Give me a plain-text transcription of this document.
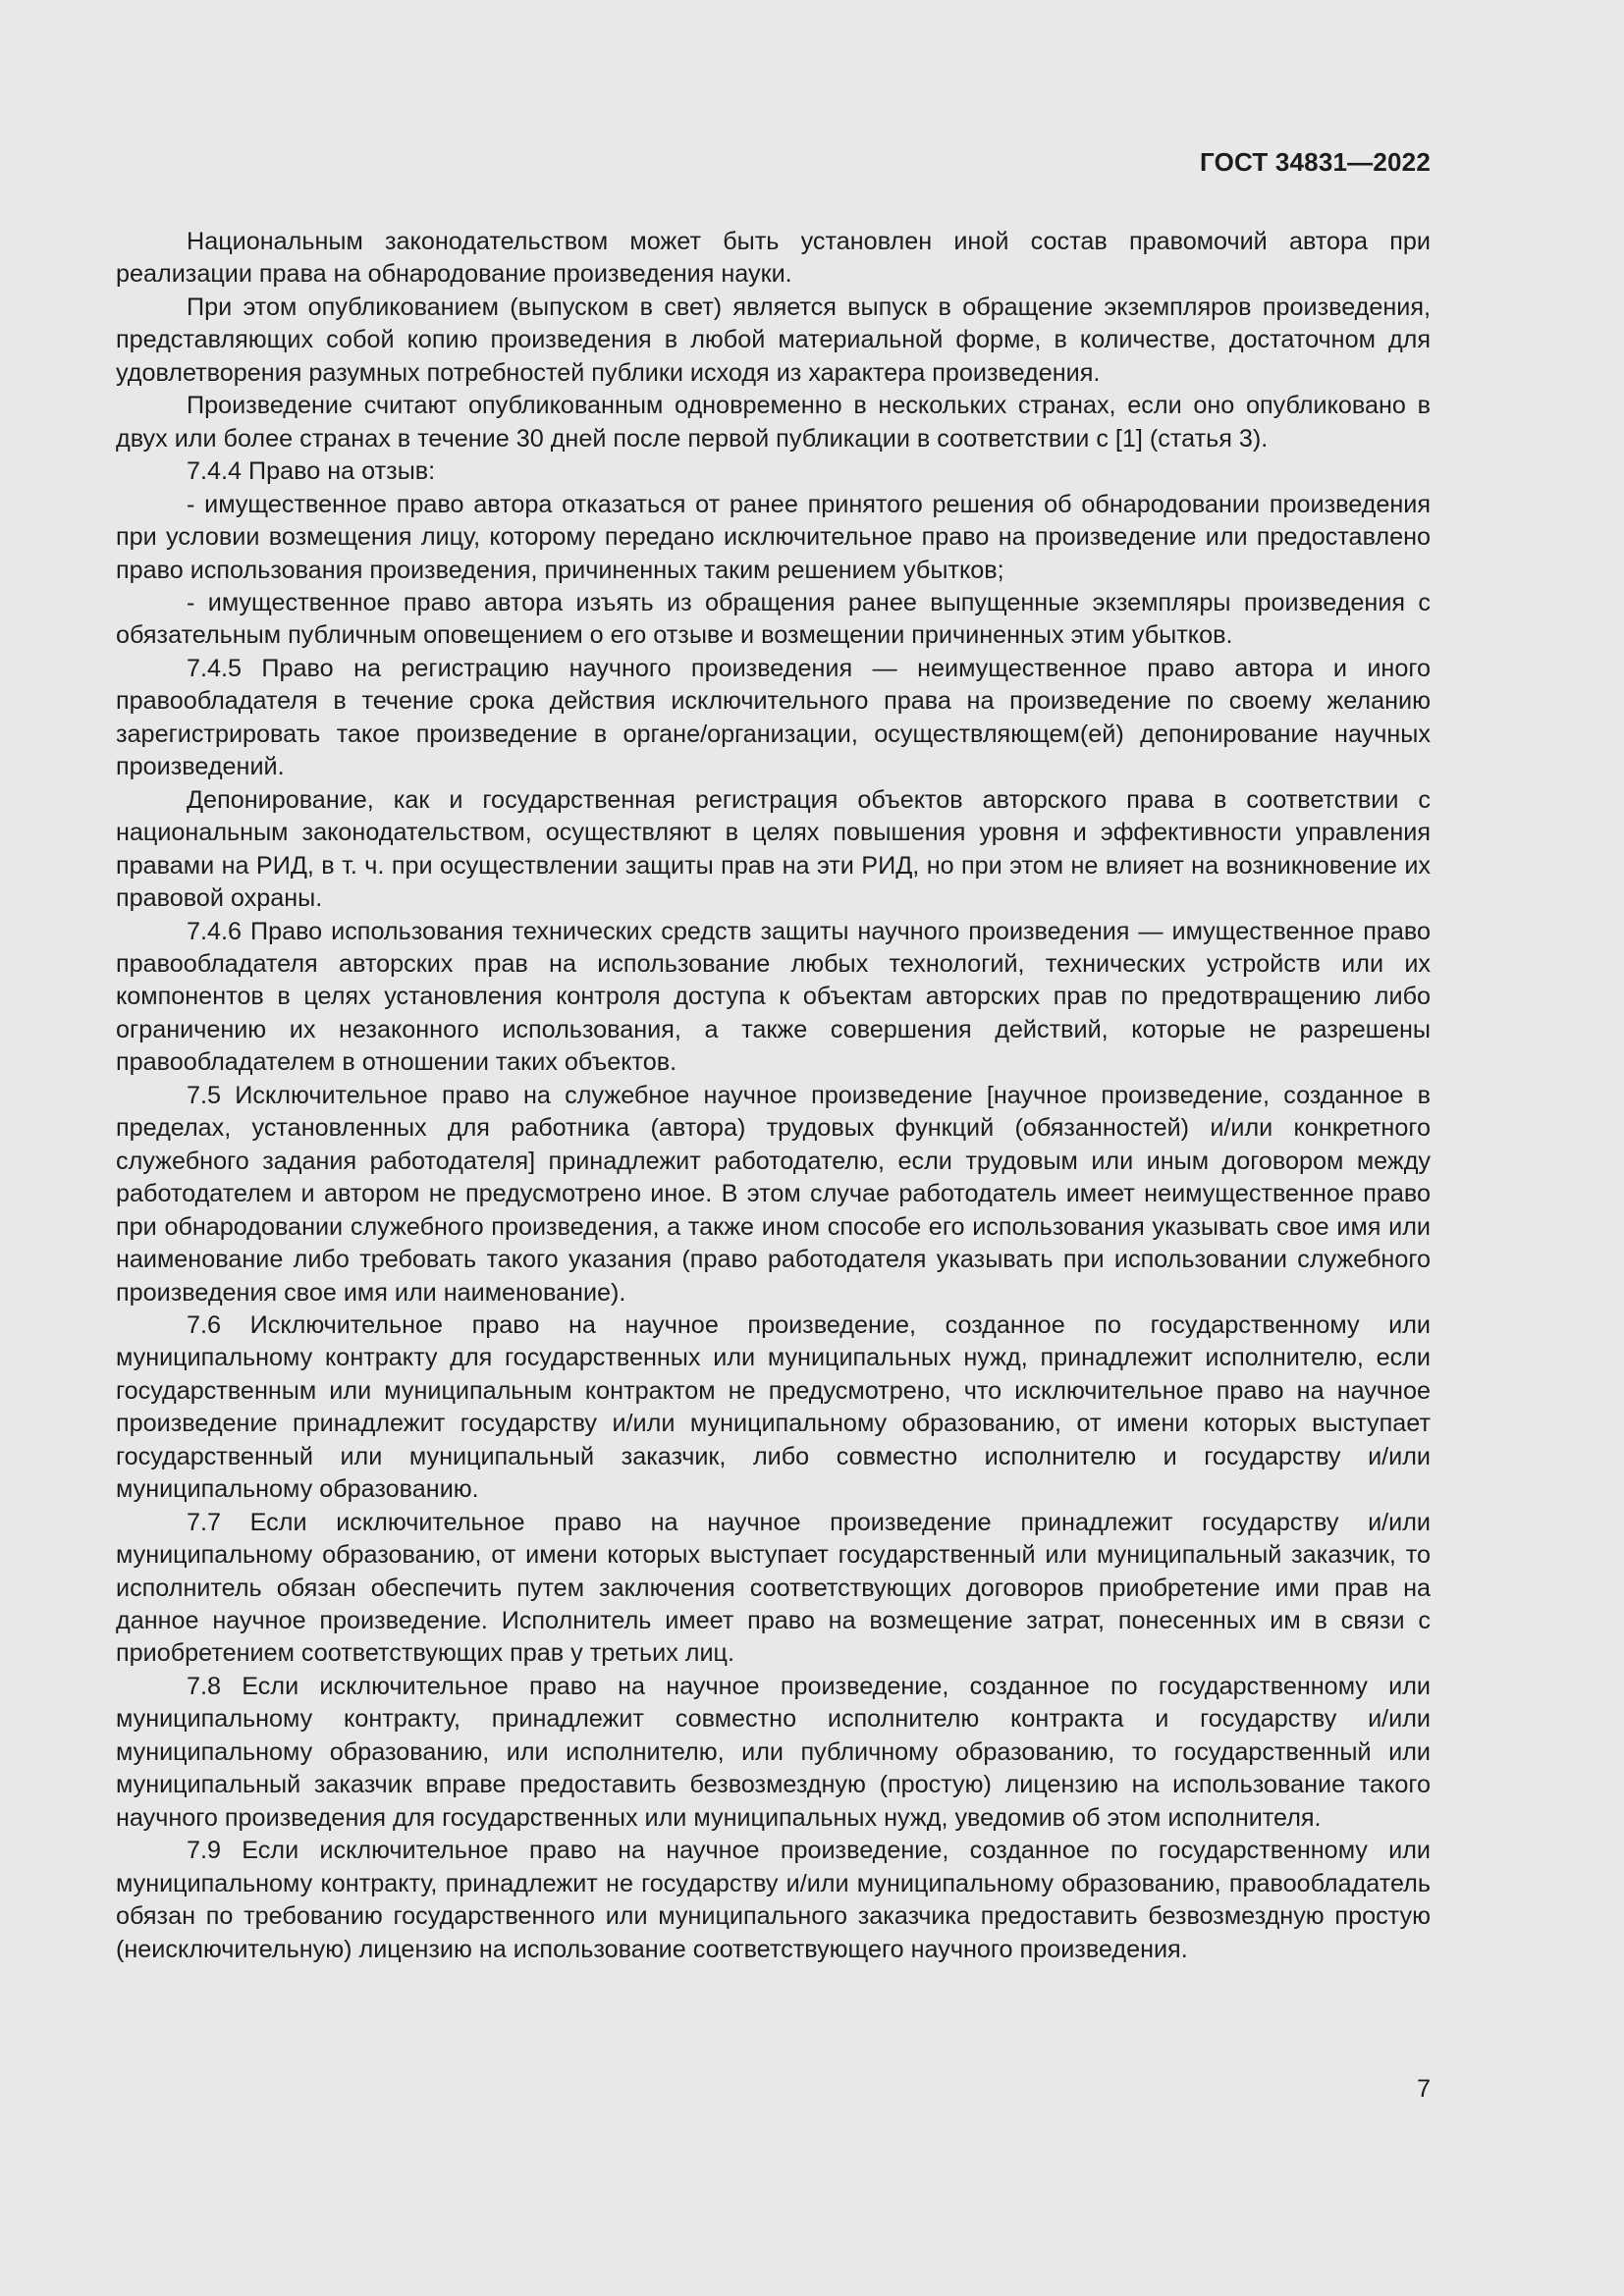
ГОСТ 34831—2022

Национальным законодательством может быть установлен иной состав правомочий автора при реализации права на обнародование произведения науки.

При этом опубликованием (выпуском в свет) является выпуск в обращение экземпляров произведения, представляющих собой копию произведения в любой материальной форме, в количестве, достаточном для удовлетворения разумных потребностей публики исходя из характера произведения.

Произведение считают опубликованным одновременно в нескольких странах, если оно опубликовано в двух или более странах в течение 30 дней после первой публикации в соответствии с [1] (статья 3).

7.4.4 Право на отзыв:

- имущественное право автора отказаться от ранее принятого решения об обнародовании произведения при условии возмещения лицу, которому передано исключительное право на произведение или предоставлено право использования произведения, причиненных таким решением убытков;

- имущественное право автора изъять из обращения ранее выпущенные экземпляры произведения с обязательным публичным оповещением о его отзыве и возмещении причиненных этим убытков.

7.4.5 Право на регистрацию научного произведения — неимущественное право автора и иного правообладателя в течение срока действия исключительного права на произведение по своему желанию зарегистрировать такое произведение в органе/организации, осуществляющем(ей) депонирование научных произведений.

Депонирование, как и государственная регистрация объектов авторского права в соответствии с национальным законодательством, осуществляют в целях повышения уровня и эффективности управления правами на РИД, в т. ч. при осуществлении защиты прав на эти РИД, но при этом не влияет на возникновение их правовой охраны.

7.4.6 Право использования технических средств защиты научного произведения — имущественное право правообладателя авторских прав на использование любых технологий, технических устройств или их компонентов в целях установления контроля доступа к объектам авторских прав по предотвращению либо ограничению их незаконного использования, а также совершения действий, которые не разрешены правообладателем в отношении таких объектов.

7.5 Исключительное право на служебное научное произведение [научное произведение, созданное в пределах, установленных для работника (автора) трудовых функций (обязанностей) и/или конкретного служебного задания работодателя] принадлежит работодателю, если трудовым или иным договором между работодателем и автором не предусмотрено иное. В этом случае работодатель имеет неимущественное право при обнародовании служебного произведения, а также ином способе его использования указывать свое имя или наименование либо требовать такого указания (право работодателя указывать при использовании служебного произведения свое имя или наименование).

7.6 Исключительное право на научное произведение, созданное по государственному или муниципальному контракту для государственных или муниципальных нужд, принадлежит исполнителю, если государственным или муниципальным контрактом не предусмотрено, что исключительное право на научное произведение принадлежит государству и/или муниципальному образованию, от имени которых выступает государственный или муниципальный заказчик, либо совместно исполнителю и государству и/или муниципальному образованию.

7.7 Если исключительное право на научное произведение принадлежит государству и/или муниципальному образованию, от имени которых выступает государственный или муниципальный заказчик, то исполнитель обязан обеспечить путем заключения соответствующих договоров приобретение ими прав на данное научное произведение. Исполнитель имеет право на возмещение затрат, понесенных им в связи с приобретением соответствующих прав у третьих лиц.

7.8 Если исключительное право на научное произведение, созданное по государственному или муниципальному контракту, принадлежит совместно исполнителю контракта и государству и/или муниципальному образованию, или исполнителю, или публичному образованию, то государственный или муниципальный заказчик вправе предоставить безвозмездную (простую) лицензию на использование такого научного произведения для государственных или муниципальных нужд, уведомив об этом исполнителя.

7.9 Если исключительное право на научное произведение, созданное по государственному или муниципальному контракту, принадлежит не государству и/или муниципальному образованию, правообладатель обязан по требованию государственного или муниципального заказчика предоставить безвозмездную простую (неисключительную) лицензию на использование соответствующего научного произведения.

7
